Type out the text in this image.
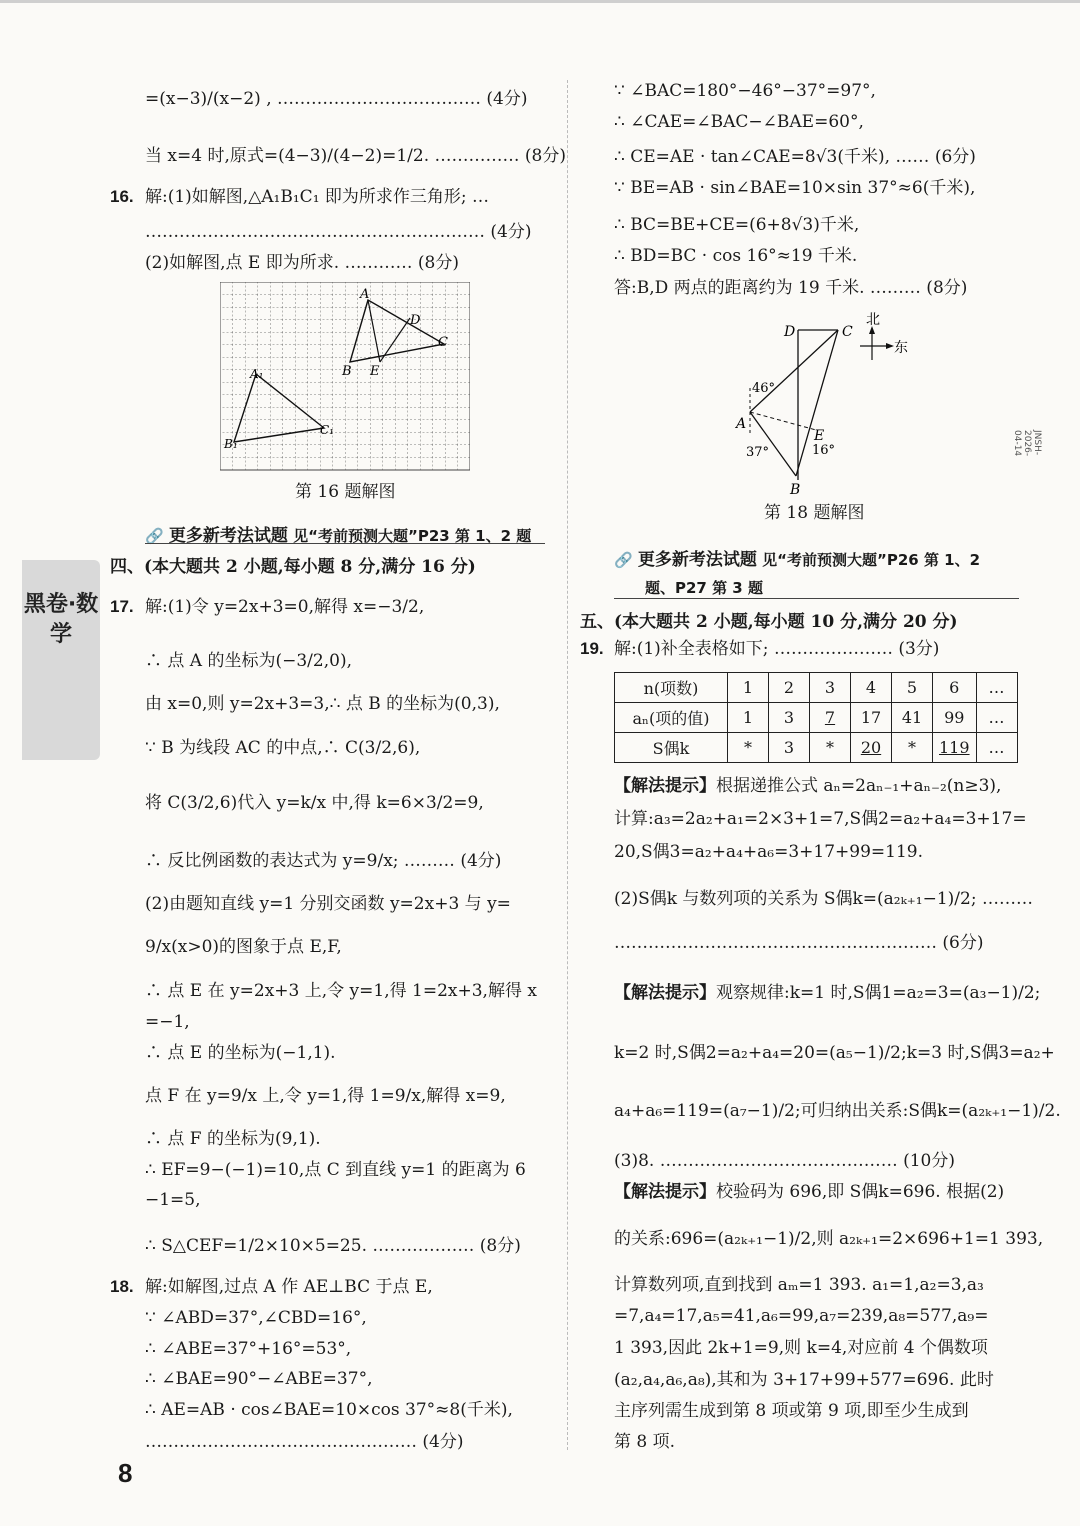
黑卷·数学
JNSH-2026-04-14
=(x−3)/(x−2) , ……………………………… (4分)
当 x=4 时,原式=(4−3)/(4−2)=1/2. …………… (8分)
16. 解:(1)如解图,△A₁B₁C₁ 即为所求作三角形; …
…………………………………………………… (4分)
(2)如解图,点 E 即为所求. ………… (8分)
A
D
C
B E
A₁
B₁
C₁
第 16 题解图
🔗 更多新考法试题 见“考前预测大题”P23 第 1、2 题
四、(本大题共 2 小题,每小题 8 分,满分 16 分)
17. 解:(1)令 y=2x+3=0,解得 x=−3/2,
∴ 点 A 的坐标为(−3/2,0),
由 x=0,则 y=2x+3=3,∴ 点 B 的坐标为(0,3),
∵ B 为线段 AC 的中点,∴ C(3/2,6),
将 C(3/2,6)代入 y=k/x 中,得 k=6×3/2=9,
∴ 反比例函数的表达式为 y=9/x; ……… (4分)
(2)由题知直线 y=1 分别交函数 y=2x+3 与 y=
9/x(x>0)的图象于点 E,F,
∴ 点 E 在 y=2x+3 上,令 y=1,得 1=2x+3,解得 x
=−1,
∴ 点 E 的坐标为(−1,1).
点 F 在 y=9/x 上,令 y=1,得 1=9/x,解得 x=9,
∴ 点 F 的坐标为(9,1).
∴ EF=9−(−1)=10,点 C 到直线 y=1 的距离为 6
−1=5,
∴ S△CEF=1/2×10×5=25. ……………… (8分)
18. 解:如解图,过点 A 作 AE⊥BC 于点 E,
∵ ∠ABD=37°,∠CBD=16°,
∴ ∠ABE=37°+16°=53°,
∴ ∠BAE=90°−∠ABE=37°,
∴ AE=AB · cos∠BAE=10×cos 37°≈8(千米),
………………………………………… (4分)
∵ ∠BAC=180°−46°−37°=97°,
∴ ∠CAE=∠BAC−∠BAE=60°,
∴ CE=AE · tan∠CAE=8√3(千米), …… (6分)
∵ BE=AB · sin∠BAE=10×sin 37°≈6(千米),
∴ BC=BE+CE=(6+8√3)千米,
∴ BD=BC · cos 16°≈19 千米.
答:B,D 两点的距离约为 19 千米. ……… (8分)
D	C
A
E
B
北
东
46°
37°	16°
第 18 题解图
🔗 更多新考法试题 见“考前预测大题”P26 第 1、2
题、P27 第 3 题
五、(本大题共 2 小题,每小题 10 分,满分 20 分)
19. 解:(1)补全表格如下; ………………… (3分)
n(项数)	1	2	3	4	5	6	…
aₙ(项的值)	1	3	7	17	41	99	…
S偶k	*	3	*	20	*	119	…
【解法提示】根据递推公式 aₙ=2aₙ₋₁+aₙ₋₂(n≥3),
计算:a₃=2a₂+a₁=2×3+1=7,S偶2=a₂+a₄=3+17=
20,S偶3=a₂+a₄+a₆=3+17+99=119.
(2)S偶k 与数列项的关系为 S偶k=(a₂ₖ₊₁−1)/2; ………
………………………………………………… (6分)
【解法提示】观察规律:k=1 时,S偶1=a₂=3=(a₃−1)/2;
k=2 时,S偶2=a₂+a₄=20=(a₅−1)/2;k=3 时,S偶3=a₂+
a₄+a₆=119=(a₇−1)/2;可归纳出关系:S偶k=(a₂ₖ₊₁−1)/2.
(3)8. …………………………………… (10分)
【解法提示】校验码为 696,即 S偶k=696. 根据(2)
的关系:696=(a₂ₖ₊₁−1)/2,则 a₂ₖ₊₁=2×696+1=1 393,
计算数列项,直到找到 aₘ=1 393. a₁=1,a₂=3,a₃
=7,a₄=17,a₅=41,a₆=99,a₇=239,a₈=577,a₉=
1 393,因此 2k+1=9,则 k=4,对应前 4 个偶数项
(a₂,a₄,a₆,a₈),其和为 3+17+99+577=696. 此时
主序列需生成到第 8 项或第 9 项,即至少生成到
第 8 项.
8
